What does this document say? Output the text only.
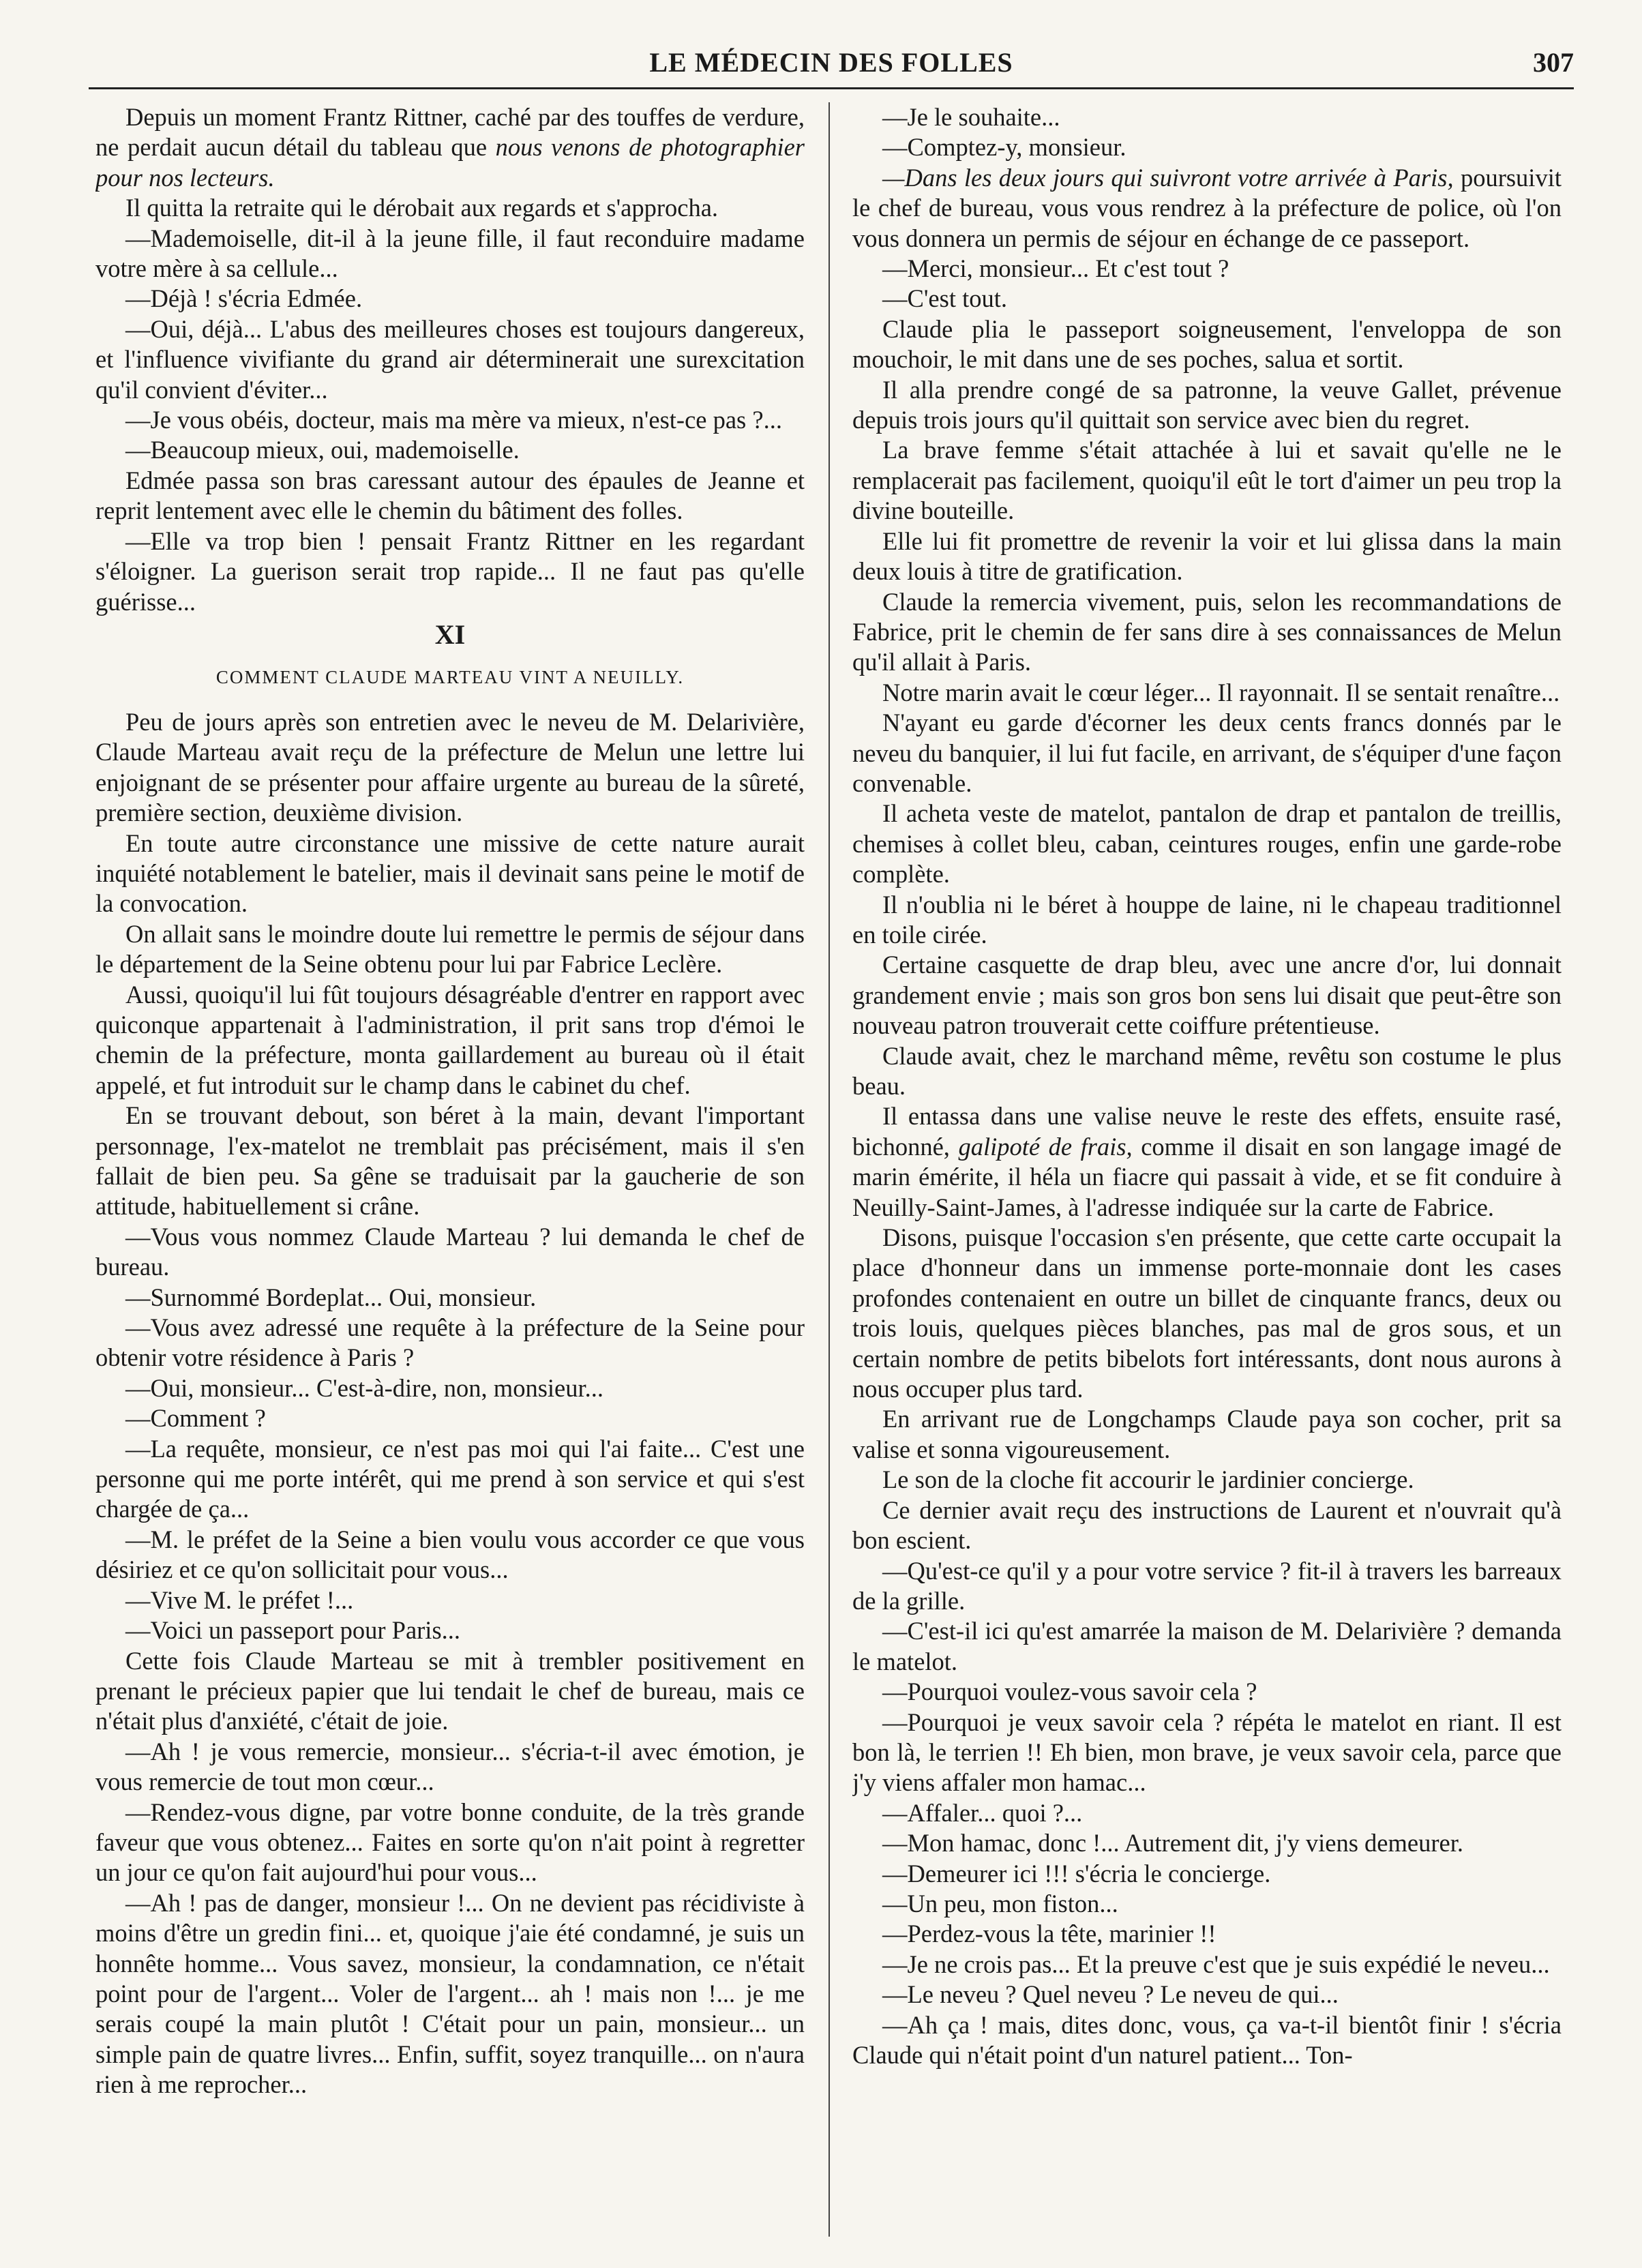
LE MÉDECIN DES FOLLES	307

Depuis un moment Frantz Rittner, caché par des touffes de verdure, ne perdait aucun détail du tableau que nous venons de photographier pour nos lecteurs.

Il quitta la retraite qui le dérobait aux regards et s'approcha.

—Mademoiselle, dit-il à la jeune fille, il faut reconduire madame votre mère à sa cellule...

—Déjà ! s'écria Edmée.

—Oui, déjà... L'abus des meilleures choses est toujours dangereux, et l'influence vivifiante du grand air déterminerait une surexcitation qu'il convient d'éviter...

—Je vous obéis, docteur, mais ma mère va mieux, n'est-ce pas ?...

—Beaucoup mieux, oui, mademoiselle.

Edmée passa son bras caressant autour des épaules de Jeanne et reprit lentement avec elle le chemin du bâtiment des folles.

—Elle va trop bien ! pensait Frantz Rittner en les regardant s'éloigner. La guerison serait trop rapide... Il ne faut pas qu'elle guérisse...

XI
COMMENT CLAUDE MARTEAU VINT A NEUILLY.

Peu de jours après son entretien avec le neveu de M. Delarivière, Claude Marteau avait reçu de la préfecture de Melun une lettre lui enjoignant de se présenter pour affaire urgente au bureau de la sûreté, première section, deuxième division.

En toute autre circonstance une missive de cette nature aurait inquiété notablement le batelier, mais il devinait sans peine le motif de la convocation.

On allait sans le moindre doute lui remettre le permis de séjour dans le département de la Seine obtenu pour lui par Fabrice Leclère.

Aussi, quoiqu'il lui fût toujours désagréable d'entrer en rapport avec quiconque appartenait à l'administration, il prit sans trop d'émoi le chemin de la préfecture, monta gaillardement au bureau où il était appelé, et fut introduit sur le champ dans le cabinet du chef.

En se trouvant debout, son béret à la main, devant l'important personnage, l'ex-matelot ne tremblait pas précisément, mais il s'en fallait de bien peu. Sa gêne se traduisait par la gaucherie de son attitude, habituellement si crâne.

—Vous vous nommez Claude Marteau ? lui demanda le chef de bureau.

—Surnommé Bordeplat... Oui, monsieur.

—Vous avez adressé une requête à la préfecture de la Seine pour obtenir votre résidence à Paris ?

—Oui, monsieur... C'est-à-dire, non, monsieur...

—Comment ?

—La requête, monsieur, ce n'est pas moi qui l'ai faite... C'est une personne qui me porte intérêt, qui me prend à son service et qui s'est chargée de ça...

—M. le préfet de la Seine a bien voulu vous accorder ce que vous désiriez et ce qu'on sollicitait pour vous...

—Vive M. le préfet !...

—Voici un passeport pour Paris...

Cette fois Claude Marteau se mit à trembler positivement en prenant le précieux papier que lui tendait le chef de bureau, mais ce n'était plus d'anxiété, c'était de joie.

—Ah ! je vous remercie, monsieur... s'écria-t-il avec émotion, je vous remercie de tout mon cœur...

—Rendez-vous digne, par votre bonne conduite, de la très grande faveur que vous obtenez... Faites en sorte qu'on n'ait point à regretter un jour ce qu'on fait aujourd'hui pour vous...

—Ah ! pas de danger, monsieur !... On ne devient pas récidiviste à moins d'être un gredin fini... et, quoique j'aie été condamné, je suis un honnête homme... Vous savez, monsieur, la condamnation, ce n'était point pour de l'argent... Voler de l'argent... ah ! mais non !... je me serais coupé la main plutôt ! C'était pour un pain, monsieur... un simple pain de quatre livres... Enfin, suffit, soyez tranquille... on n'aura rien à me reprocher...

—Je le souhaite...

—Comptez-y, monsieur.

—Dans les deux jours qui suivront votre arrivée à Paris, poursuivit le chef de bureau, vous vous rendrez à la préfecture de police, où l'on vous donnera un permis de séjour en échange de ce passeport.

—Merci, monsieur... Et c'est tout ?

—C'est tout.

Claude plia le passeport soigneusement, l'enveloppa de son mouchoir, le mit dans une de ses poches, salua et sortit.

Il alla prendre congé de sa patronne, la veuve Gallet, prévenue depuis trois jours qu'il quittait son service avec bien du regret.

La brave femme s'était attachée à lui et savait qu'elle ne le remplacerait pas facilement, quoiqu'il eût le tort d'aimer un peu trop la divine bouteille.

Elle lui fit promettre de revenir la voir et lui glissa dans la main deux louis à titre de gratification.

Claude la remercia vivement, puis, selon les recommandations de Fabrice, prit le chemin de fer sans dire à ses connaissances de Melun qu'il allait à Paris.

Notre marin avait le cœur léger... Il rayonnait. Il se sentait renaître...

N'ayant eu garde d'écorner les deux cents francs donnés par le neveu du banquier, il lui fut facile, en arrivant, de s'équiper d'une façon convenable.

Il acheta veste de matelot, pantalon de drap et pantalon de treillis, chemises à collet bleu, caban, ceintures rouges, enfin une garde-robe complète.

Il n'oublia ni le béret à houppe de laine, ni le chapeau traditionnel en toile cirée.

Certaine casquette de drap bleu, avec une ancre d'or, lui donnait grandement envie ; mais son gros bon sens lui disait que peut-être son nouveau patron trouverait cette coiffure prétentieuse.

Claude avait, chez le marchand même, revêtu son costume le plus beau.

Il entassa dans une valise neuve le reste des effets, ensuite rasé, bichonné, galipoté de frais, comme il disait en son langage imagé de marin émérite, il héla un fiacre qui passait à vide, et se fit conduire à Neuilly-Saint-James, à l'adresse indiquée sur la carte de Fabrice.

Disons, puisque l'occasion s'en présente, que cette carte occupait la place d'honneur dans un immense porte-monnaie dont les cases profondes contenaient en outre un billet de cinquante francs, deux ou trois louis, quelques pièces blanches, pas mal de gros sous, et un certain nombre de petits bibelots fort intéressants, dont nous aurons à nous occuper plus tard.

En arrivant rue de Longchamps Claude paya son cocher, prit sa valise et sonna vigoureusement.

Le son de la cloche fit accourir le jardinier concierge.

Ce dernier avait reçu des instructions de Laurent et n'ouvrait qu'à bon escient.

—Qu'est-ce qu'il y a pour votre service ? fit-il à travers les barreaux de la grille.

—C'est-il ici qu'est amarrée la maison de M. Delarivière ? demanda le matelot.

—Pourquoi voulez-vous savoir cela ?

—Pourquoi je veux savoir cela ? répéta le matelot en riant. Il est bon là, le terrien !! Eh bien, mon brave, je veux savoir cela, parce que j'y viens affaler mon hamac...

—Affaler... quoi ?...

—Mon hamac, donc !... Autrement dit, j'y viens demeurer.

—Demeurer ici !!! s'écria le concierge.

—Un peu, mon fiston...

—Perdez-vous la tête, marinier !!

—Je ne crois pas... Et la preuve c'est que je suis expédié le neveu...

—Le neveu ? Quel neveu ? Le neveu de qui...

—Ah ça ! mais, dites donc, vous, ça va-t-il bientôt finir ! s'écria Claude qui n'était point d'un naturel patient... Ton-
